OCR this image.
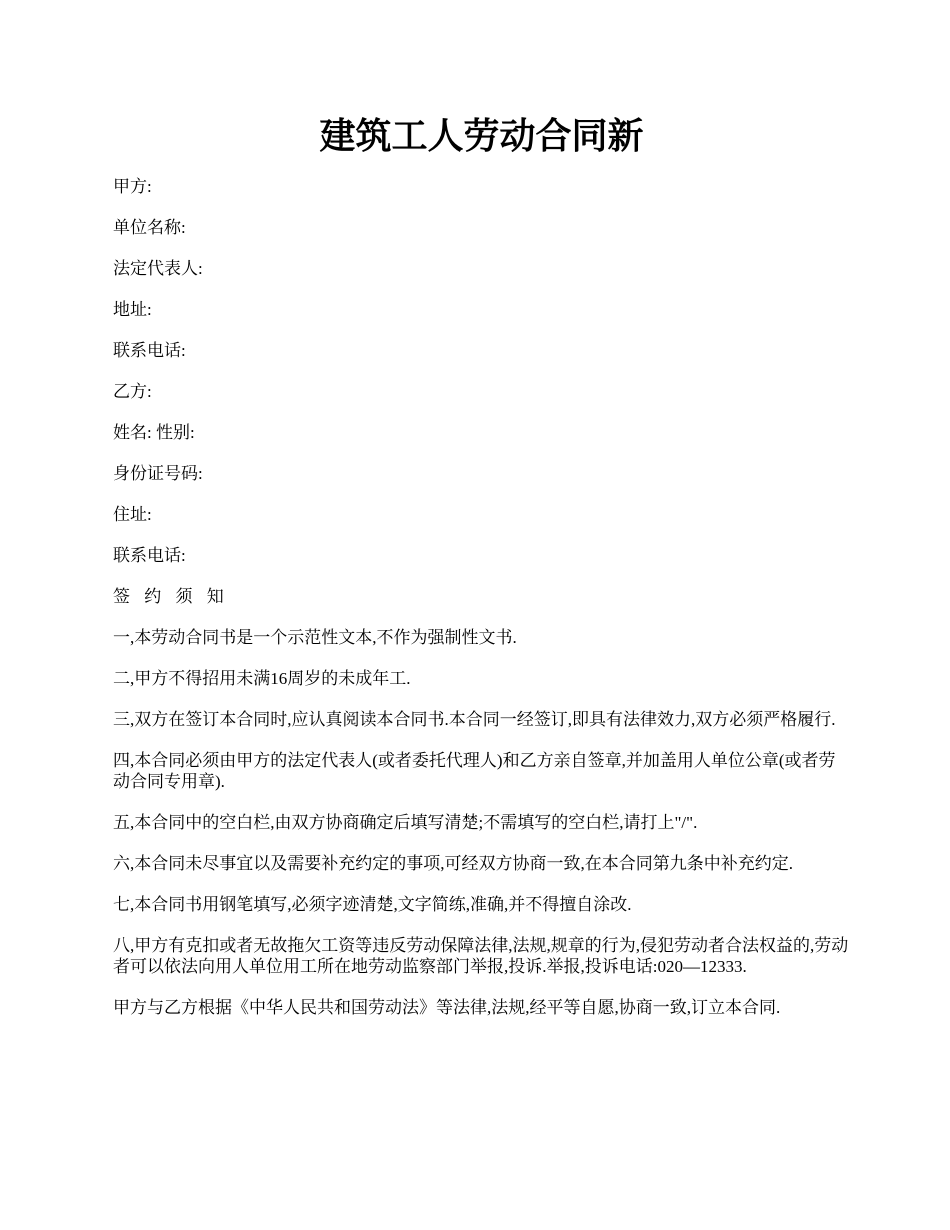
建筑工人劳动合同新

甲方:

单位名称:

法定代表人:

地址:

联系电话:

乙方:

姓名: 性别:

身份证号码:

住址:

联系电话:

签 约 须 知

一,本劳动合同书是一个示范性文本,不作为强制性文书.

二,甲方不得招用未满16周岁的未成年工.

三,双方在签订本合同时,应认真阅读本合同书.本合同一经签订,即具有法律效力,双方必须严格履行.

四,本合同必须由甲方的法定代表人(或者委托代理人)和乙方亲自签章,并加盖用人单位公章(或者劳动合同专用章).

五,本合同中的空白栏,由双方协商确定后填写清楚;不需填写的空白栏,请打上"/".

六,本合同未尽事宜以及需要补充约定的事项,可经双方协商一致,在本合同第九条中补充约定.

七,本合同书用钢笔填写,必须字迹清楚,文字简练,准确,并不得擅自涂改.

八,甲方有克扣或者无故拖欠工资等违反劳动保障法律,法规,规章的行为,侵犯劳动者合法权益的,劳动者可以依法向用人单位用工所在地劳动监察部门举报,投诉.举报,投诉电话:020—12333.

甲方与乙方根据《中华人民共和国劳动法》等法律,法规,经平等自愿,协商一致,订立本合同.
